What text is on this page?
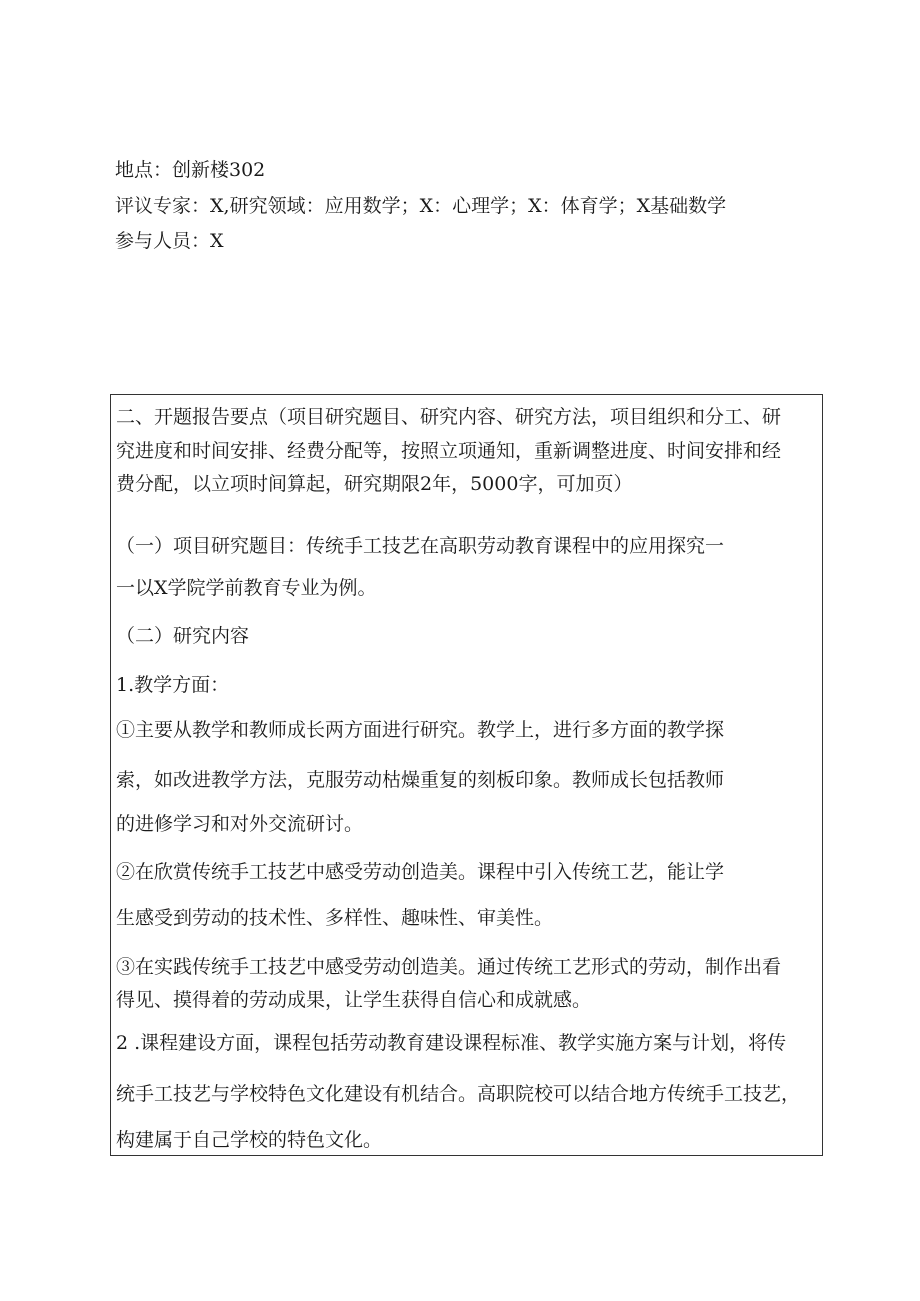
地点：创新楼302
评议专家：X,研究领域：应用数学；X：心理学；X：体育学；X基础数学
参与人员：X
二、开题报告要点（项目研究题目、研究内容、研究方法，项目组织和分工、研
究进度和时间安排、经费分配等，按照立项通知，重新调整进度、时间安排和经
费分配，以立项时间算起，研究期限2年，5000字，可加页）
（一）项目研究题目：传统手工技艺在高职劳动教育课程中的应用探究一
一以X学院学前教育专业为例。
（二）研究内容
1.教学方面：
①主要从教学和教师成长两方面进行研究。教学上，进行多方面的教学探
索，如改进教学方法，克服劳动枯燥重复的刻板印象。教师成长包括教师
的进修学习和对外交流研讨。
②在欣赏传统手工技艺中感受劳动创造美。课程中引入传统工艺，能让学
生感受到劳动的技术性、多样性、趣味性、审美性。
③在实践传统手工技艺中感受劳动创造美。通过传统工艺形式的劳动，制作出看
得见、摸得着的劳动成果，让学生获得自信心和成就感。
2 .课程建设方面，课程包括劳动教育建设课程标准、教学实施方案与计划，将传
统手工技艺与学校特色文化建设有机结合。高职院校可以结合地方传统手工技艺，
构建属于自己学校的特色文化。
